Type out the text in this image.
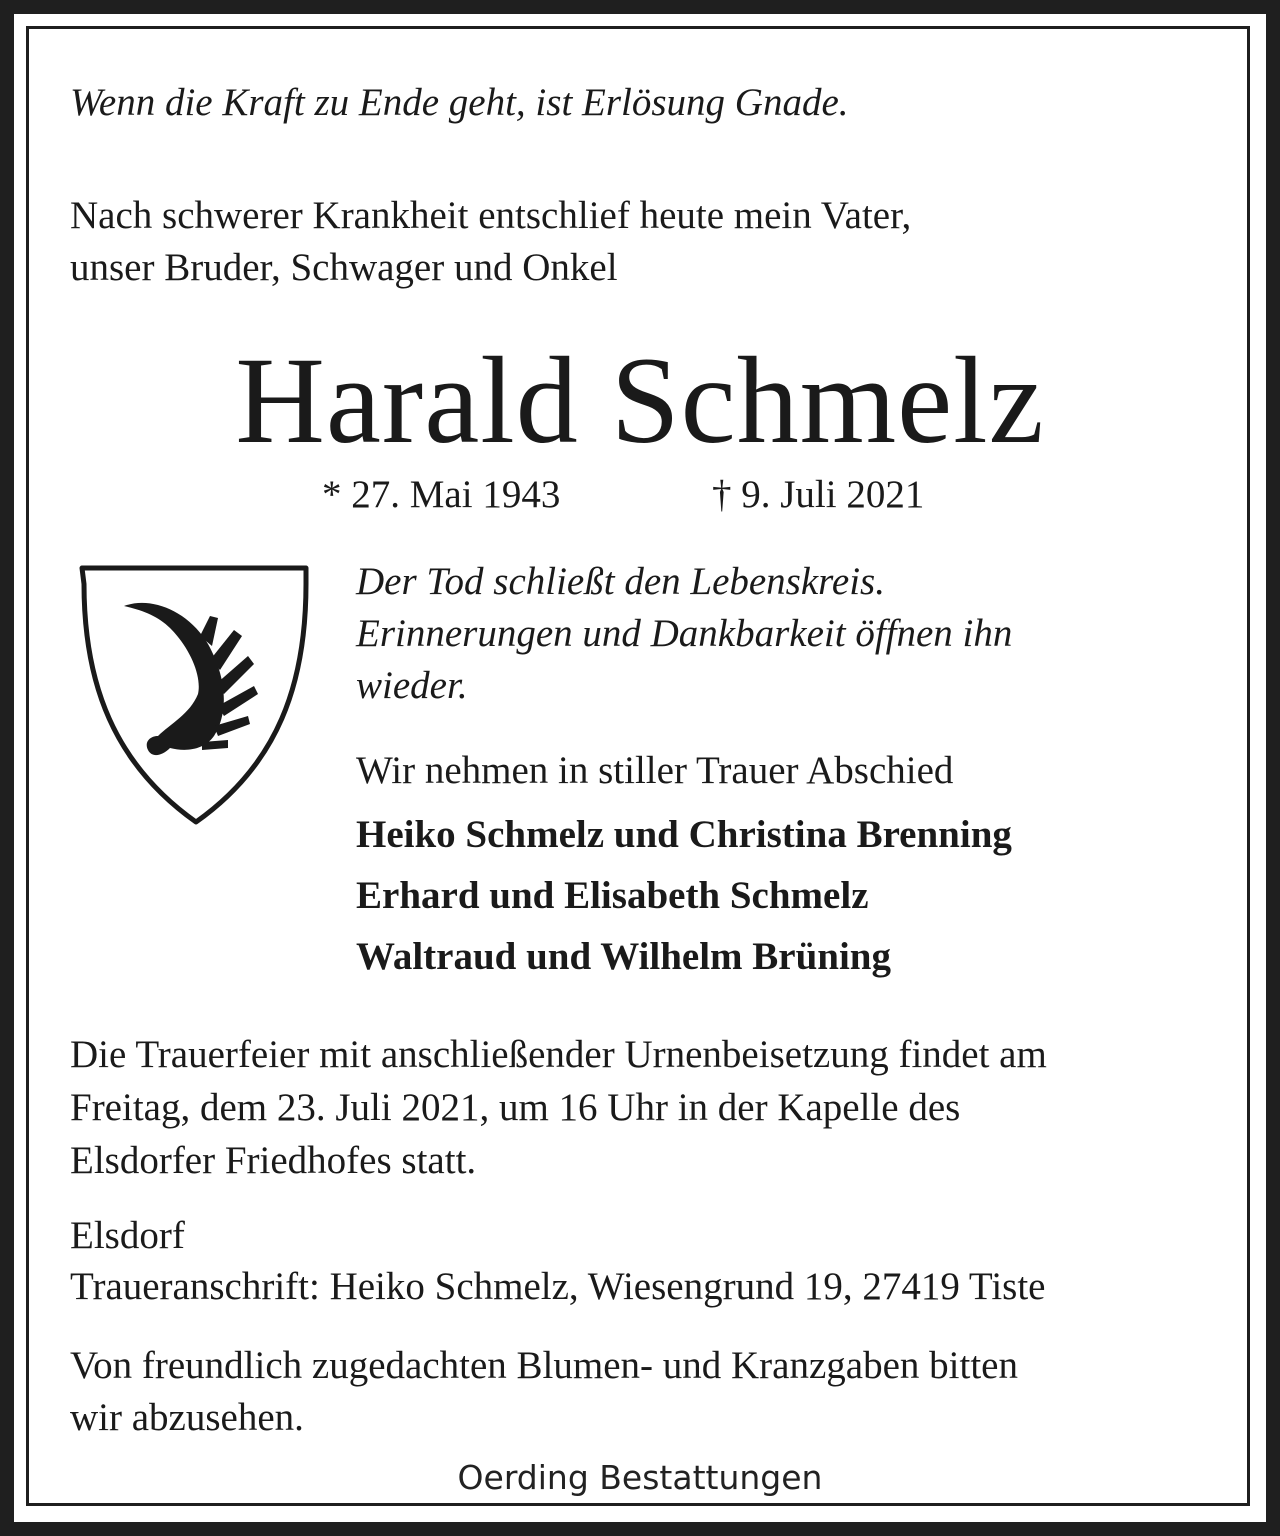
Wenn die Kraft zu Ende geht, ist Erlösung Gnade.
Nach schwerer Krankheit entschlief heute mein Vater,
unser Bruder, Schwager und Onkel
Harald Schmelz
* 27. Mai 1943	† 9. Juli 2021
Der Tod schließt den Lebenskreis.
Erinnerungen und Dankbarkeit öffnen ihn
wieder.
Wir nehmen in stiller Trauer Abschied
Heiko Schmelz und Christina Brenning
Erhard und Elisabeth Schmelz
Waltraud und Wilhelm Brüning
Die Trauerfeier mit anschließender Urnenbeisetzung findet am
Freitag, dem 23. Juli 2021, um 16 Uhr in der Kapelle des
Elsdorfer Friedhofes statt.
Elsdorf
Traueranschrift: Heiko Schmelz, Wiesengrund 19, 27419 Tiste
Von freundlich zugedachten Blumen- und Kranzgaben bitten
wir abzusehen.
Oerding Bestattungen
